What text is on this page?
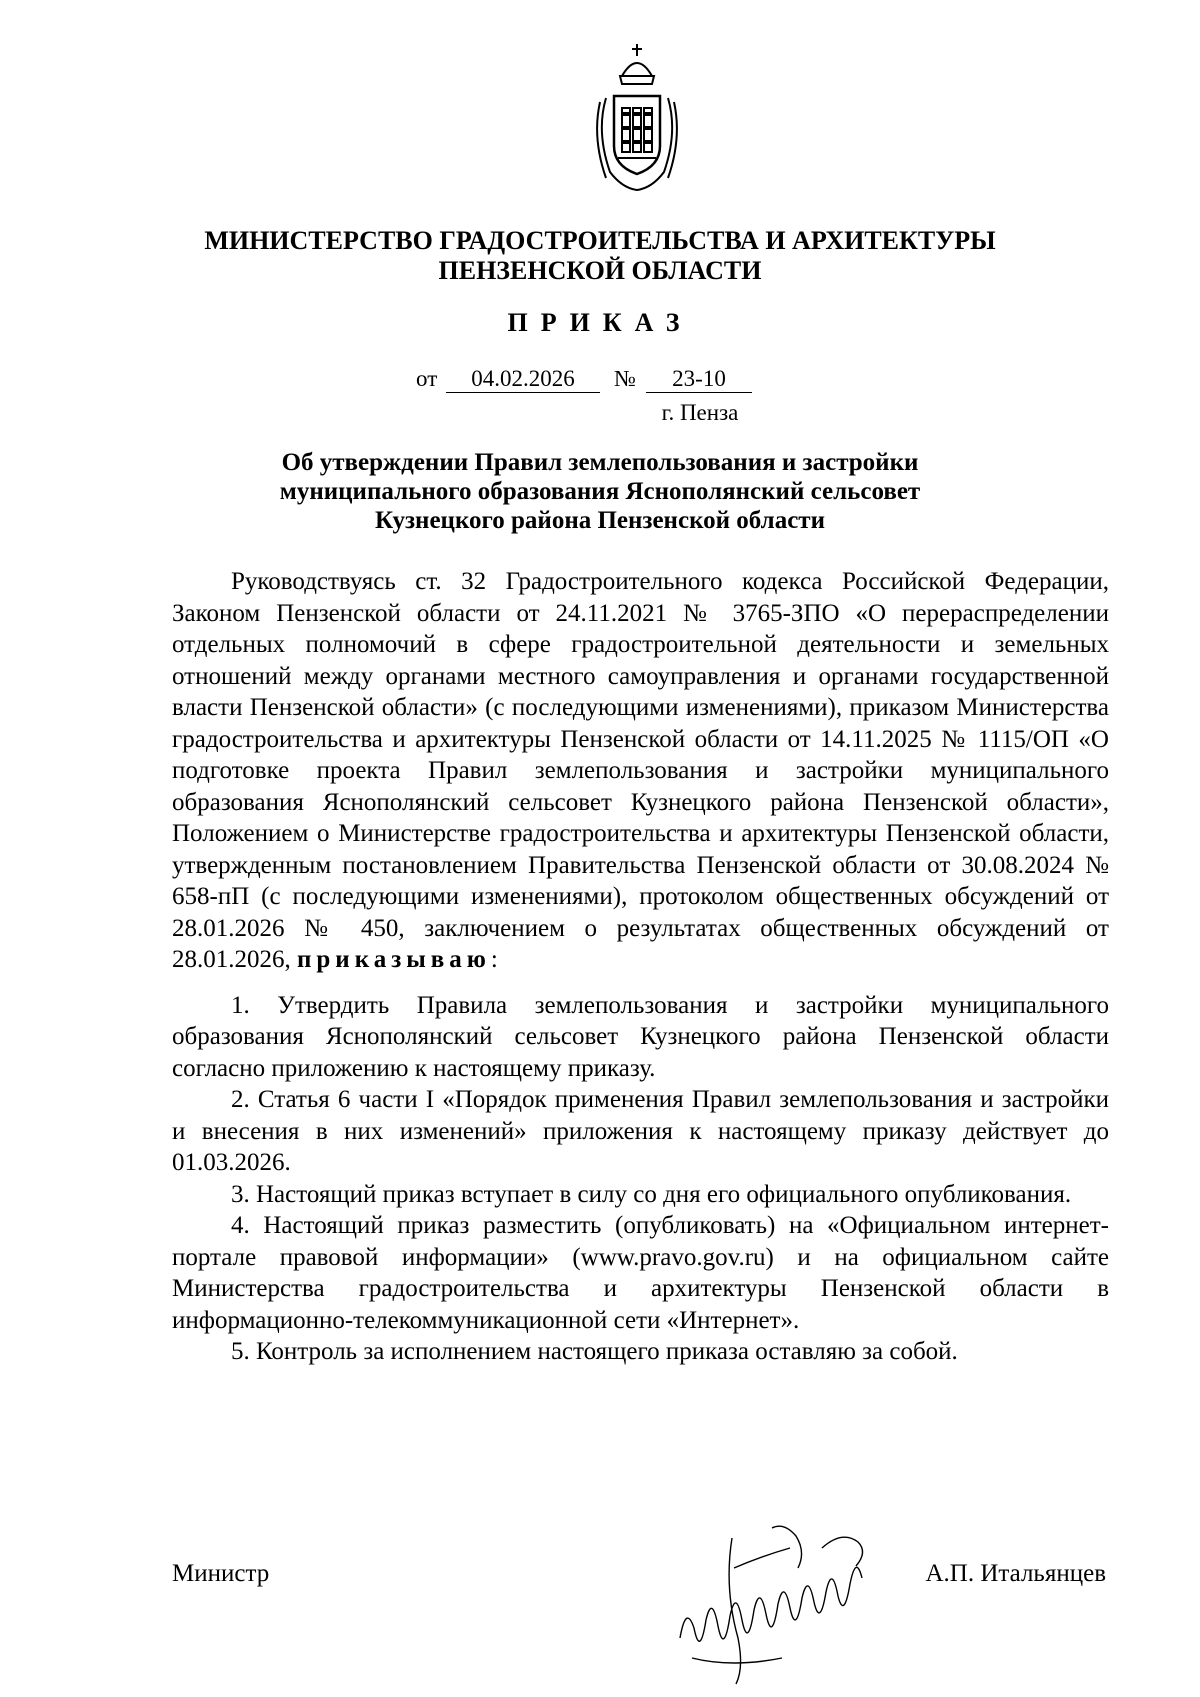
МИНИСТЕРСТВО ГРАДОСТРОИТЕЛЬСТВА И АРХИТЕКТУРЫ
ПЕНЗЕНСКОЙ ОБЛАСТИ
ПРИКАЗ
от	04.02.2026	№	23-10
г. Пенза
Об утверждении Правил землепользования и застройки
муниципального образования Яснополянский сельсовет
Кузнецкого района Пензенской области

Руководствуясь ст. 32 Градостроительного кодекса Российской Федерации, Законом Пензенской области от 24.11.2021 № 3765-ЗПО «О перераспределении отдельных полномочий в сфере градостроительной деятельности и земельных отношений между органами местного самоуправления и органами государственной власти Пензенской области» (с последующими изменениями), приказом Министерства градостроительства и архитектуры Пензенской области от 14.11.2025 № 1115/ОП «О подготовке проекта Правил землепользования и застройки муниципального образования Яснополянский сельсовет Кузнецкого района Пензенской области», Положением о Министерстве градостроительства и архитектуры Пензенской области, утвержденным постановлением Правительства Пензенской области от 30.08.2024 № 658-пП (с последующими изменениями), протоколом общественных обсуждений от 28.01.2026 № 450, заключением о результатах общественных обсуждений от 28.01.2026, приказываю:

1. Утвердить Правила землепользования и застройки муниципального образования Яснополянский сельсовет Кузнецкого района Пензенской области согласно приложению к настоящему приказу.

2. Статья 6 части I «Порядок применения Правил землепользования и застройки и внесения в них изменений» приложения к настоящему приказу действует до 01.03.2026.

3. Настоящий приказ вступает в силу со дня его официального опубликования.

4. Настоящий приказ разместить (опубликовать) на «Официальном интернет-портале правовой информации» (www.pravo.gov.ru) и на официальном сайте Министерства градостроительства и архитектуры Пензенской области в информационно-телекоммуникационной сети «Интернет».

5. Контроль за исполнением настоящего приказа оставляю за собой.

Министр	А.П. Итальянцев
